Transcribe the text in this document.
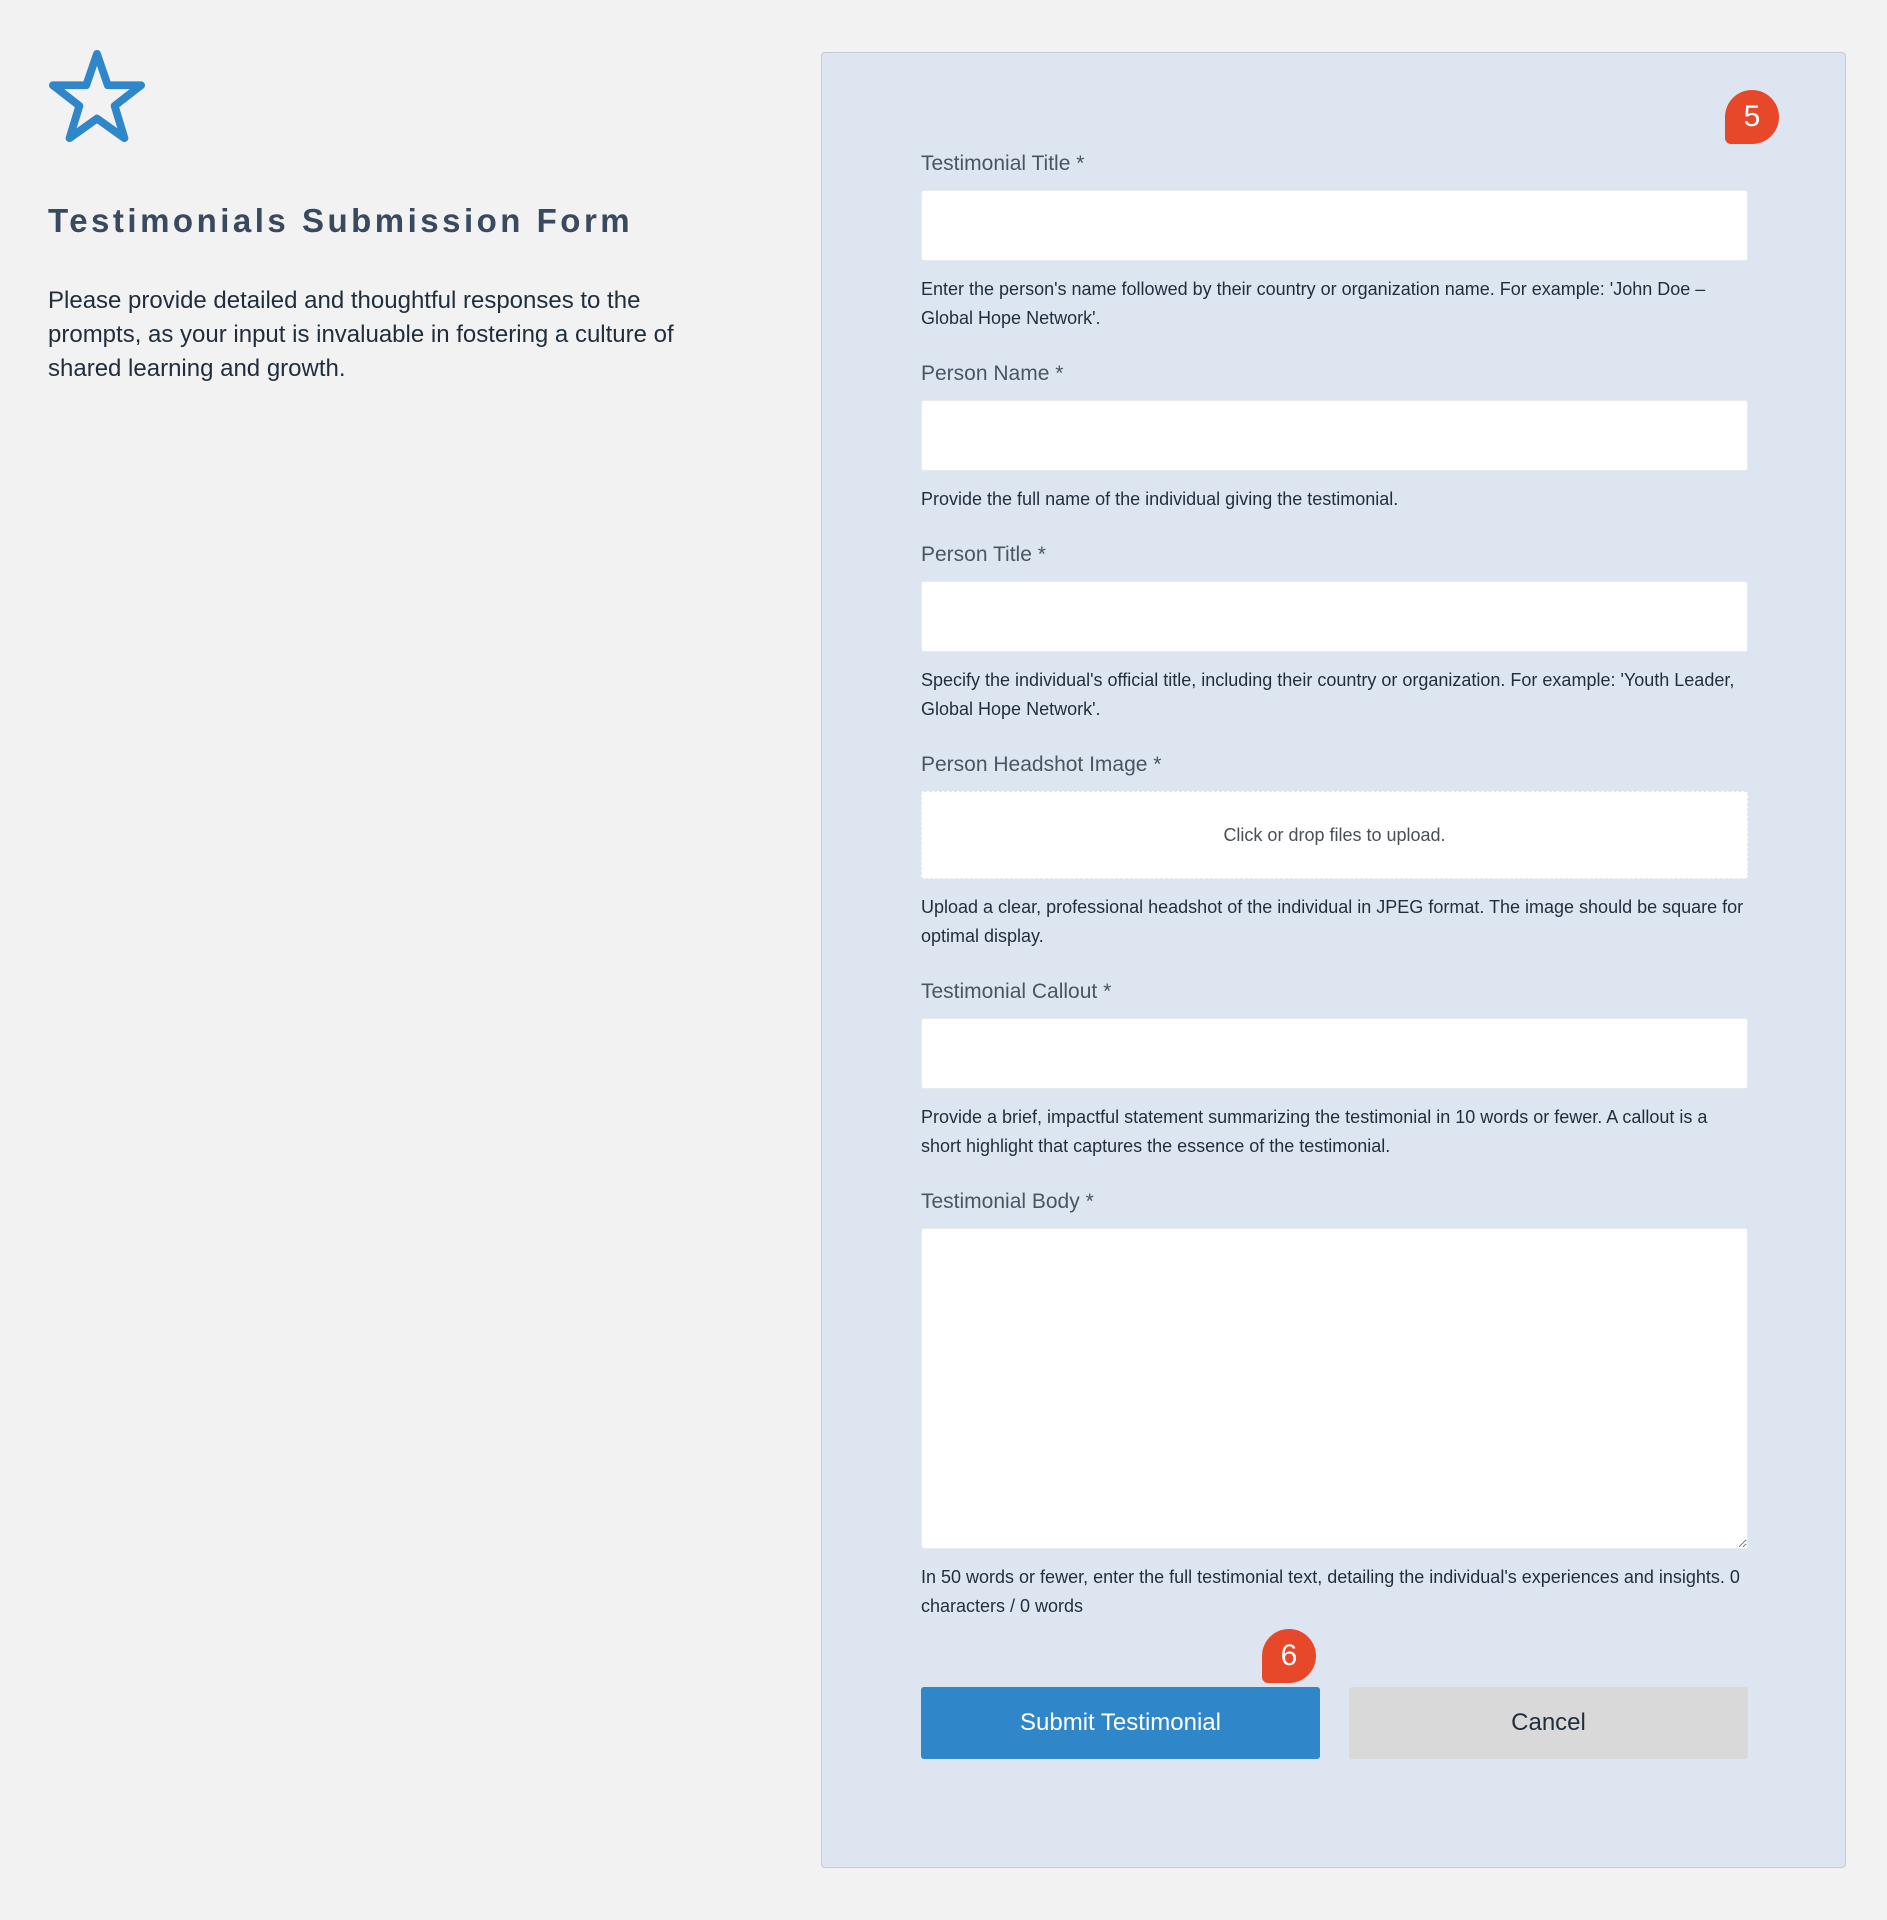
Testimonials Submission Form

Please provide detailed and thoughtful responses to the prompts, as your input is invaluable in fostering a culture of shared learning and growth.

5
Testimonial Title *
Enter the person's name followed by their country or organization name. For example: 'John Doe – Global Hope Network'.
Person Name *
Provide the full name of the individual giving the testimonial.
Person Title *
Specify the individual's official title, including their country or organization. For example: 'Youth Leader, Global Hope Network'.
Person Headshot Image *
Click or drop files to upload.
Upload a clear, professional headshot of the individual in JPEG format. The image should be square for optimal display.
Testimonial Callout *
Provide a brief, impactful statement summarizing the testimonial in 10 words or fewer. A callout is a short highlight that captures the essence of the testimonial.
Testimonial Body *
In 50 words or fewer, enter the full testimonial text, detailing the individual's experiences and insights. 0 characters / 0 words
6
Submit Testimonial	Cancel
